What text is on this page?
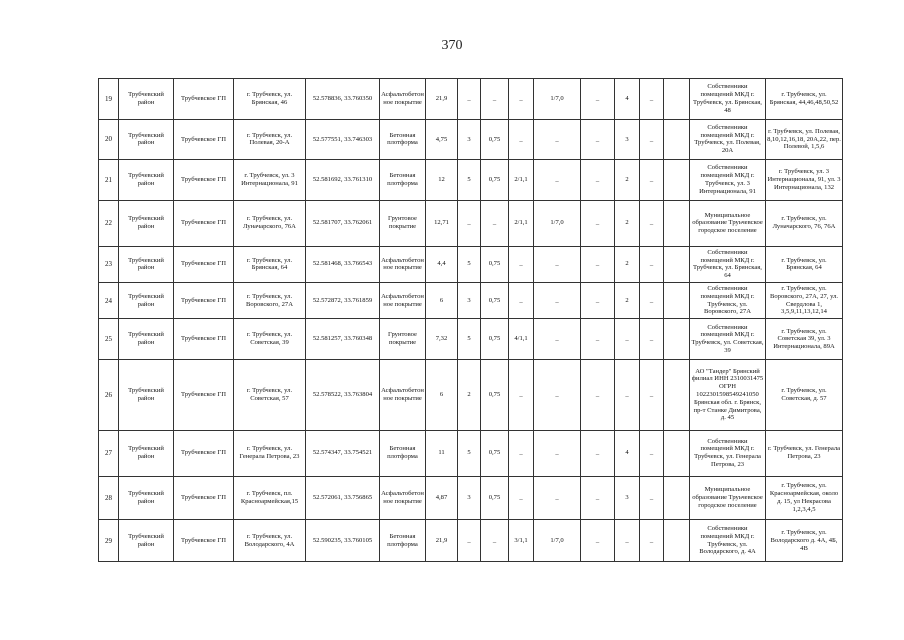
370
19	Трубчевский район	Трубчевское ГП	г. Трубчевск, ул. Брянская, 46	52.578836, 33.760350	Асфальтобетонное покрытие	21,9	_	_	_	1/7,0	_	4	_		Собственники помещений МКД г. Трубчевск, ул. Брянская, 48	г. Трубчевск, ул. Брянская, 44,46,48,50,52
20	Трубчевский район	Трубчевское ГП	г. Трубчевск, ул. Полевая, 20-А	52.577551, 33.746303	Бетонная плотформа	4,75	3	0,75	_	_	_	3	_		Собственники помещений МКД г. Трубчевск, ул. Полевая, 20А	г. Трубчевск, ул. Полевая, 8,10,12,16,18, 20А,22, пер. Полевой, 1,5,6
21	Трубчевский район	Трубчевское ГП	г. Трубчевск, ул. 3 Интернационала, 91	52.581692, 33.761310	Бетонная плотформа	12	5	0,75	2/1,1	_	_	2	_		Собственники помещений МКД г. Трубчевск, ул. 3 Интернационала, 91	г. Трубчевск, ул. 3 Интернационала, 91, ул. 3 Интернационала, 132
22	Трубчевский район	Трубчевское ГП	г. Трубчевск, ул. Луначарского, 76А	52.581707, 33.762061	Грунтовое покрытие	12,71	_	_	2/1,1	1/7,0	_	2	_		Муниципальное образование Труьчевское городское поселение	г. Трубчевск, ул. Луначарского, 76, 76А
23	Трубчевский район	Трубчевское ГП	г. Трубчевск, ул. Брянская, 64	52.581468, 33.766543	Асфальтобетонное покрытие	4,4	5	0,75	_	_	_	2	_		Собственники помещений МКД г. Трубчевск, ул. Брянская, 64	г. Трубчевск, ул. Брянская, 64
24	Трубчевский район	Трубчевское ГП	г. Трубчевск, ул. Воровского, 27А	52.572872, 33.761859	Асфальтобетонное покрытие	6	3	0,75	_	_	_	2	_		Собственники помещений МКД г. Трубчевск, ул. Воровского, 27А	г. Трубчевск, ул. Воровского, 27А, 27, ул. Свердлова 1, 3,5,9,11,13,12,14
25	Трубчевский район	Трубчевское ГП	г. Трубчевск, ул. Советская, 39	52.581257, 33.760348	Грунтовое покрытие	7,32	5	0,75	4/1,1	_	_	_	_		Собственники помещений МКД г. Трубчевск, ул. Советская, 39	г. Трубчевск, ул. Советская 39, ул. 3 Интернационала, 89А
26	Трубчевский район	Трубчевское ГП	г. Трубчевск, ул. Советская, 57	52.578522, 33.763804	Асфальтобетонное покрытие	6	2	0,75	_	_	_	_	_		АО "Тандер" Брянский филиал ИНН 2310031475 ОГРН 1022301598549241050 Брянская обл. г. Брянск, пр-т Станке Димитрова, д. 45	г. Трубчевск, ул. Советская, д. 57
27	Трубчевский район	Трубчевское ГП	г. Трубчевск, ул. Генерала Петрова, 23	52.574347, 33.754521	Бетонная плотформа	11	5	0,75	_	_	_	4	_		Собственники помещений МКД г. Трубчевск, ул. Генерала Петрова, 23	г. Трубчевск, ул. Генерала Петрова, 23
28	Трубчевский район	Трубчевское ГП	г. Трубчевск, пл. Красноармейская,15	52.572061, 33.756865	Асфальтобетонное покрытие	4,87	3	0,75	_	_	_	3	_		Муниципальное образование Труьчевское городское поселение	г. Трубчевск, ул. Красноармейская, около д. 15, ул Некрасова 1,2,3,4,5
29	Трубчевский район	Трубчевское ГП	г. Трубчевск, ул. Володарского, 4А	52.590235, 33.760105	Бетонная плотформа	21,9	_	_	3/1,1	1/7,0	_	_	_		Собственники помещений МКД г. Трубчевск, ул. Володарского, д. 4А	г. Трубчевск, ул. Володарского д. 4А, 4Б, 4В
